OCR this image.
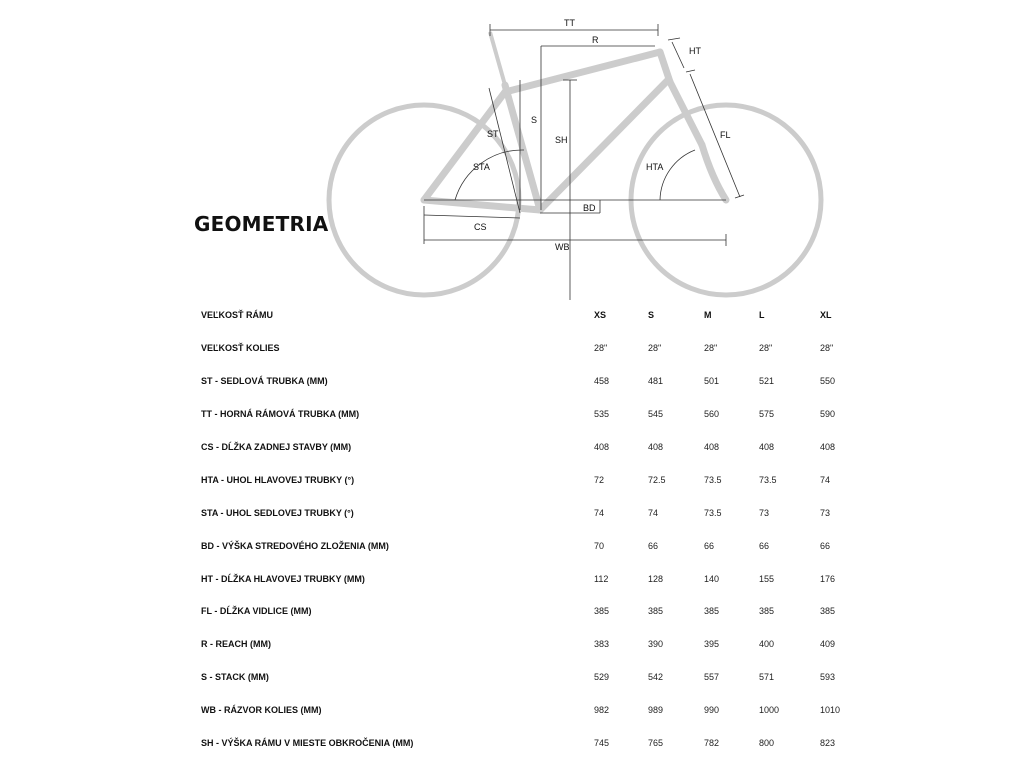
TT
R
HT
ST
S
SH
STA	HTA
FL
BD
CS
WB
GEOMETRIA
VEĽKOSŤ RÁMU	XS	S	M	L	XL
VEĽKOSŤ KOLIES	28"	28"	28"	28"	28"
ST - SEDLOVÁ TRUBKA (MM)	458	481	501	521	550
TT - HORNÁ RÁMOVÁ TRUBKA (MM)	535	545	560	575	590
CS - DĹŽKA ZADNEJ STAVBY (MM)	408	408	408	408	408
HTA - UHOL HLAVOVEJ TRUBKY (°)	72	72.5	73.5	73.5	74
STA - UHOL SEDLOVEJ TRUBKY (°)	74	74	73.5	73	73
BD - VÝŠKA STREDOVÉHO ZLOŽENIA (MM)	70	66	66	66	66
HT - DĹŽKA HLAVOVEJ TRUBKY (MM)	112	128	140	155	176
FL - DĹŽKA VIDLICE (MM)	385	385	385	385	385
R - REACH (MM)	383	390	395	400	409
S - STACK (MM)	529	542	557	571	593
WB - RÁZVOR KOLIES (MM)	982	989	990	1000	1010
SH - VÝŠKA RÁMU V MIESTE OBKROČENIA (MM)	745	765	782	800	823
